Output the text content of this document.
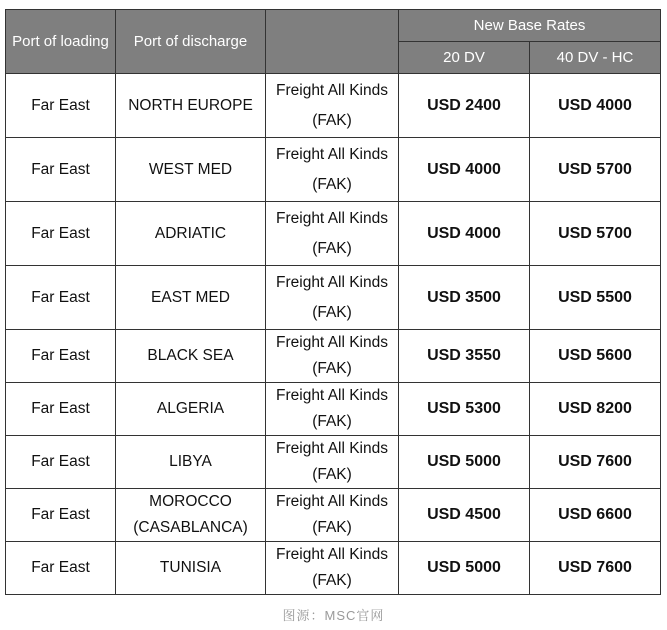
Port of loading	Port of discharge		New Base Rates	
			20 DV	40 DV - HC
Far East	NORTH EUROPE	Freight All Kinds (FAK)	USD 2400	USD 4000
Far East	WEST MED	Freight All Kinds (FAK)	USD 4000	USD 5700
Far East	ADRIATIC	Freight All Kinds (FAK)	USD 4000	USD 5700
Far East	EAST MED	Freight All Kinds (FAK)	USD 3500	USD 5500
Far East	BLACK SEA	Freight All Kinds (FAK)	USD 3550	USD 5600
Far East	ALGERIA	Freight All Kinds (FAK)	USD 5300	USD 8200
Far East	LIBYA	Freight All Kinds (FAK)	USD 5000	USD 7600
Far East	MOROCCO (CASABLANCA)	Freight All Kinds (FAK)	USD 4500	USD 6600
Far East	TUNISIA	Freight All Kinds (FAK)	USD 5000	USD 7600
图源：MSC官网
